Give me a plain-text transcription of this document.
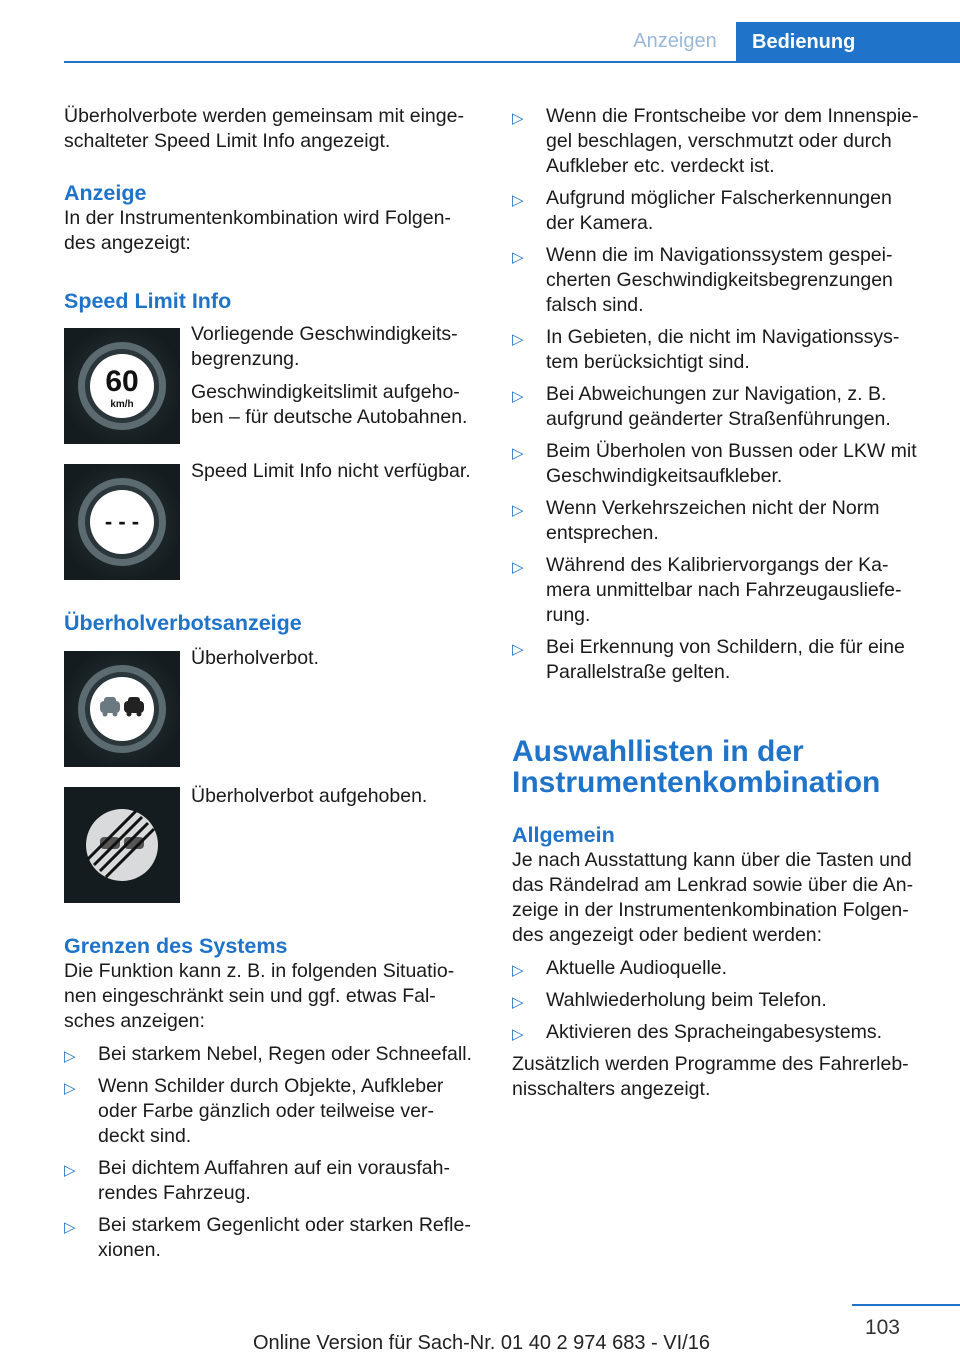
Anzeigen	Bedienung

Überholverbote werden gemeinsam mit einge-

schalteter Speed Limit Info angezeigt.

Anzeige

In der Instrumentenkombination wird Folgen-

des angezeigt:

Speed Limit Info
60
km/h

Vorliegende Geschwindigkeits-

begrenzung.

Geschwindigkeitslimit aufgeho-

ben – für deutsche Autobahnen.

- - -

Speed Limit Info nicht verfügbar.

Überholverbotsanzeige

Überholverbot.

Überholverbot aufgehoben.

Grenzen des Systems

Die Funktion kann z. B. in folgenden Situatio-

nen eingeschränkt sein und ggf. etwas Fal-

sches anzeigen:

▷ Bei starkem Nebel, Regen oder Schneefall.
▷ Wenn Schilder durch Objekte, Aufkleber
oder Farbe gänzlich oder teilweise ver-
deckt sind.
▷ Bei dichtem Auffahren auf ein vorausfah-
rendes Fahrzeug.
▷ Bei starkem Gegenlicht oder starken Refle-
xionen.
▷ Wenn die Frontscheibe vor dem Innenspie-
gel beschlagen, verschmutzt oder durch
Aufkleber etc. verdeckt ist.
▷ Aufgrund möglicher Falscherkennungen
der Kamera.
▷ Wenn die im Navigationssystem gespei-
cherten Geschwindigkeitsbegrenzungen
falsch sind.
▷ In Gebieten, die nicht im Navigationssys-
tem berücksichtigt sind.
▷ Bei Abweichungen zur Navigation, z. B.
aufgrund geänderter Straßenführungen.
▷ Beim Überholen von Bussen oder LKW mit
Geschwindigkeitsaufkleber.
▷ Wenn Verkehrszeichen nicht der Norm
entsprechen.
▷ Während des Kalibriervorgangs der Ka-
mera unmittelbar nach Fahrzeugausliefe-
rung.
▷ Bei Erkennung von Schildern, die für eine
Parallelstraße gelten.
Auswahllisten in der
Instrumentenkombination
Allgemein

Je nach Ausstattung kann über die Tasten und

das Rändelrad am Lenkrad sowie über die An-

zeige in der Instrumentenkombination Folgen-

des angezeigt oder bedient werden:

▷ Aktuelle Audioquelle.
▷ Wahlwiederholung beim Telefon.
▷ Aktivieren des Spracheingabesystems.

Zusätzlich werden Programme des Fahrerleb-

nisschalters angezeigt.

103
Online Version für Sach-Nr. 01 40 2 974 683 - VI/16
